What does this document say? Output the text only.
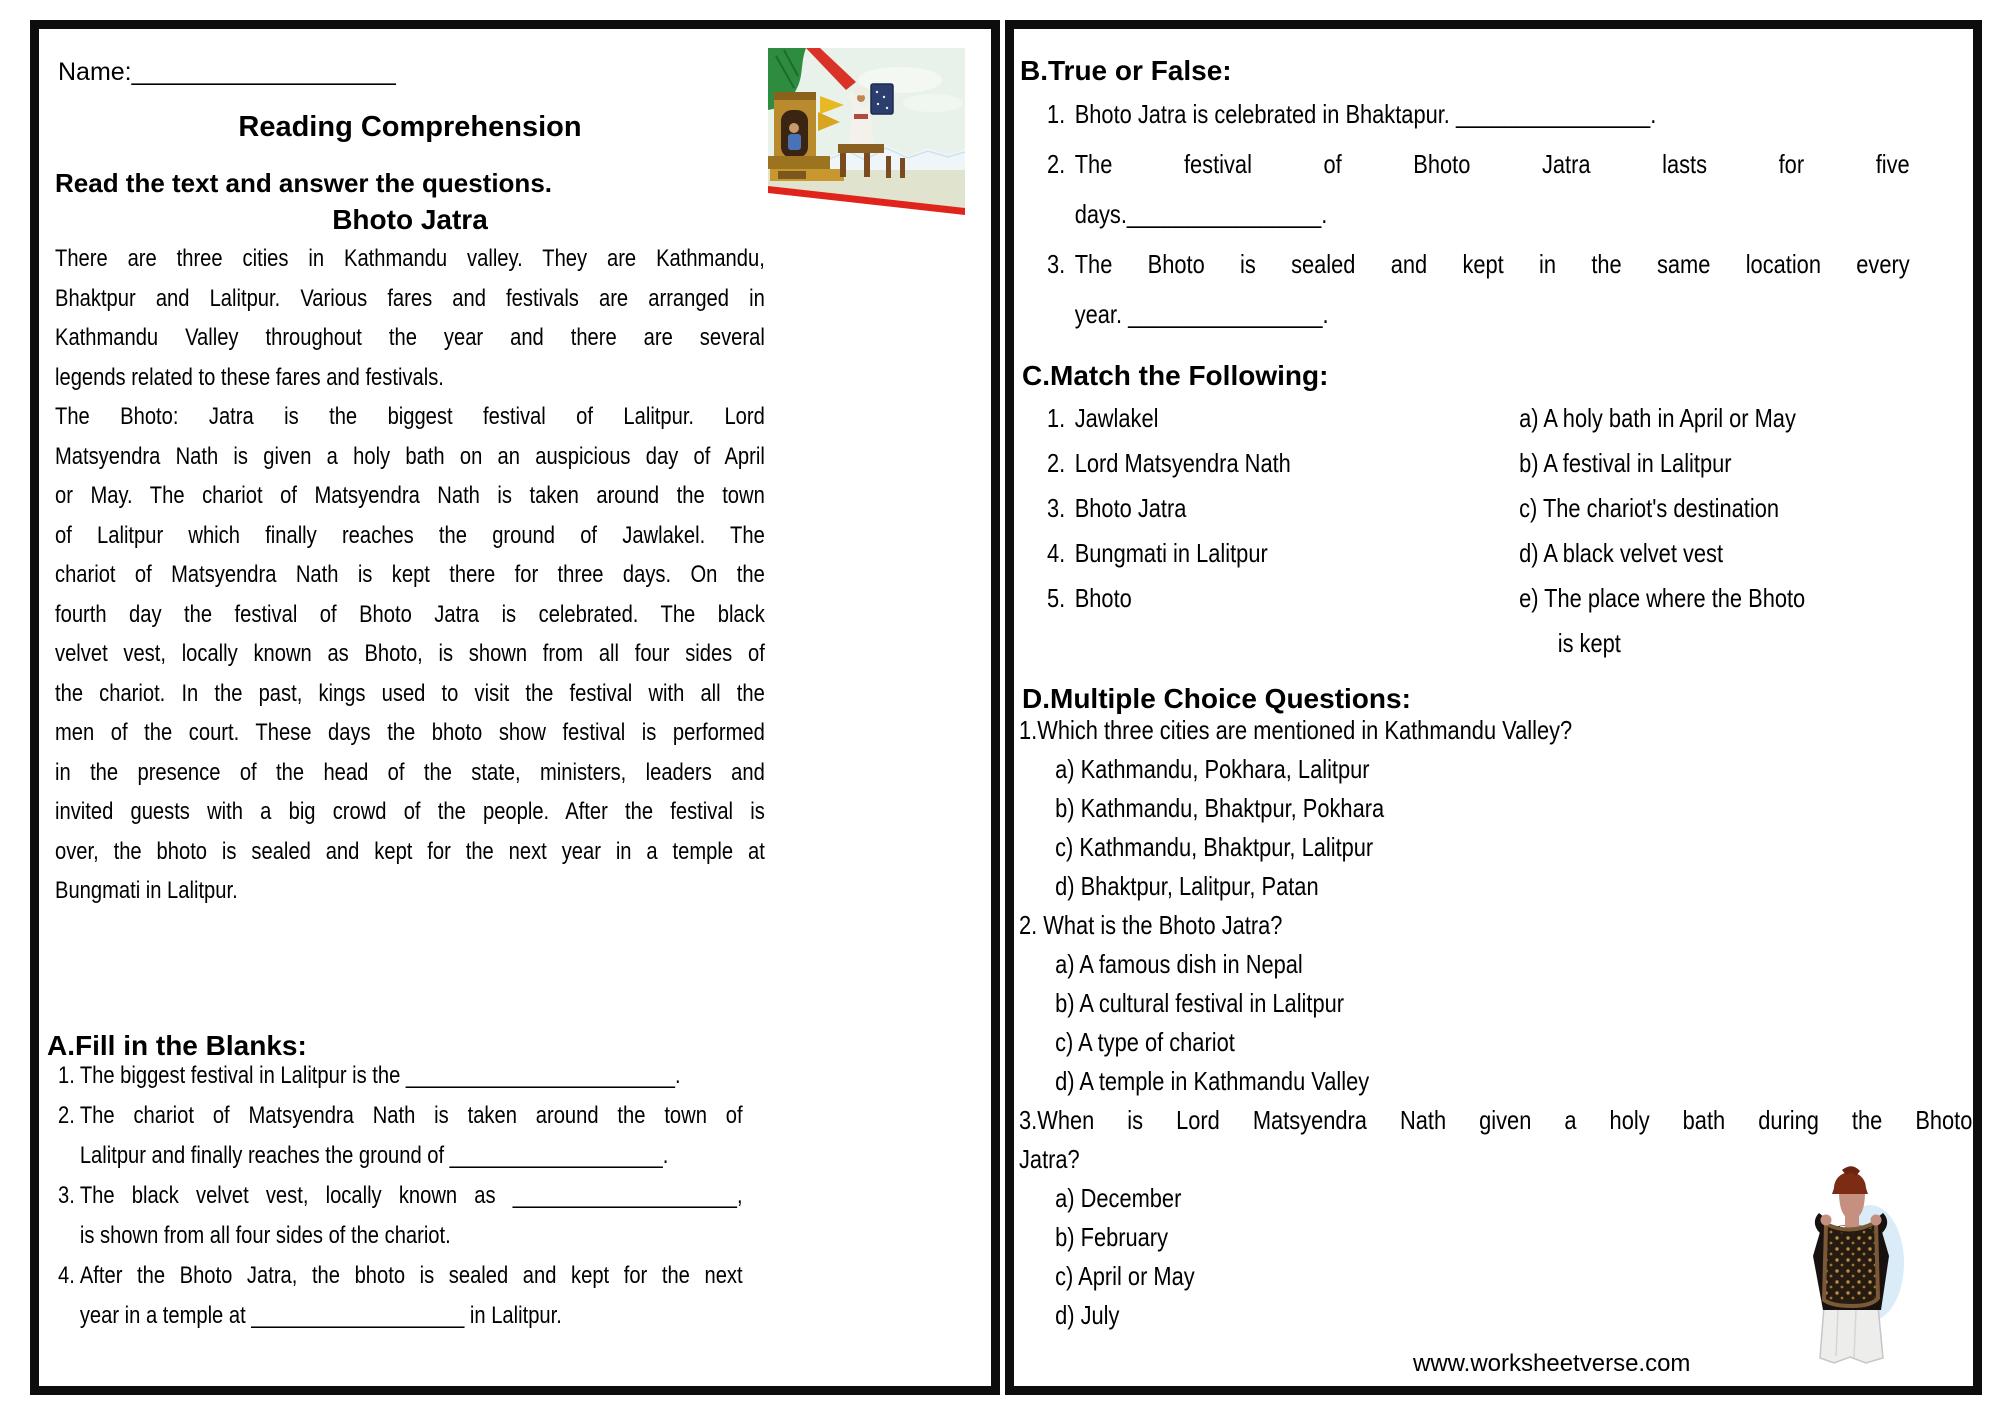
Name:___________________
Reading Comprehension
Read the text and answer the questions.
Bhoto Jatra
There are three cities in Kathmandu valley. They are Kathmandu,
Bhaktpur and Lalitpur. Various fares and festivals are arranged in
Kathmandu Valley throughout the year and there are several
legends related to these fares and festivals.
The Bhoto: Jatra is the biggest festival of Lalitpur. Lord
Matsyendra Nath is given a holy bath on an auspicious day of April
or May. The chariot of Matsyendra Nath is taken around the town
of Lalitpur which finally reaches the ground of Jawlakel. The
chariot of Matsyendra Nath is kept there for three days. On the
fourth day the festival of Bhoto Jatra is celebrated. The black
velvet vest, locally known as Bhoto, is shown from all four sides of
the chariot. In the past, kings used to visit the festival with all the
men of the court. These days the bhoto show festival is performed
in the presence of the head of the state, ministers, leaders and
invited guests with a big crowd of the people. After the festival is
over, the bhoto is sealed and kept for the next year in a temple at
Bungmati in Lalitpur.
A.Fill in the Blanks:
1. The biggest festival in Lalitpur is the ________________________.
2. The chariot of Matsyendra Nath is taken around the town of
Lalitpur and finally reaches the ground of ___________________.
3. The black velvet vest, locally known as ____________________,
is shown from all four sides of the chariot.
4. After the Bhoto Jatra, the bhoto is sealed and kept for the next
year in a temple at ___________________ in Lalitpur.
B.True or False:
1. Bhoto Jatra is celebrated in Bhaktapur. ________________.
2. The festival of Bhoto Jatra lasts for five
days.________________.
3. The Bhoto is sealed and kept in the same location every
year. ________________.
C.Match the Following:
1. Jawlakel	a) A holy bath in April or May
2. Lord Matsyendra Nath	b) A festival in Lalitpur
3. Bhoto Jatra	c) The chariot's destination
4. Bungmati in Lalitpur	d) A black velvet vest
5. Bhoto	e) The place where the Bhoto
is kept
D.Multiple Choice Questions:
1.Which three cities are mentioned in Kathmandu Valley?
a) Kathmandu, Pokhara, Lalitpur
b) Kathmandu, Bhaktpur, Pokhara
c) Kathmandu, Bhaktpur, Lalitpur
d) Bhaktpur, Lalitpur, Patan
2. What is the Bhoto Jatra?
a) A famous dish in Nepal
b) A cultural festival in Lalitpur
c) A type of chariot
d) A temple in Kathmandu Valley
3.When is Lord Matsyendra Nath given a holy bath during the Bhoto
Jatra?
a) December
b) February
c) April or May
d) July
www.worksheetverse.com
